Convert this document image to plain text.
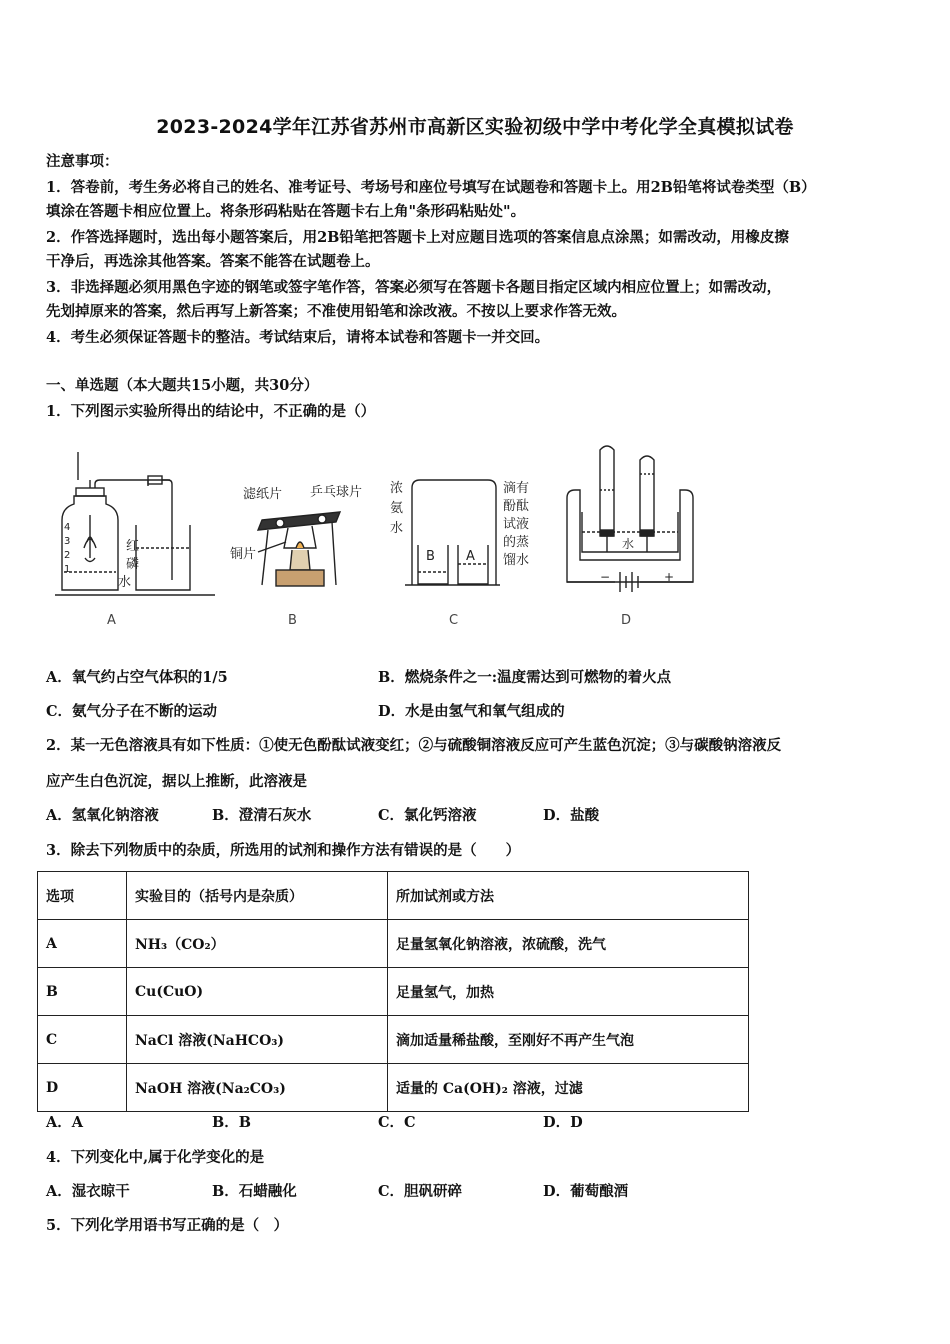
2023-2024学年江苏省苏州市高新区实验初级中学中考化学全真模拟试卷
注意事项：
1．答卷前，考生务必将自己的姓名、准考证号、考场号和座位号填写在试题卷和答题卡上。用2B铅笔将试卷类型（B）
填涂在答题卡相应位置上。将条形码粘贴在答题卡右上角"条形码粘贴处"。
2．作答选择题时，选出每小题答案后，用2B铅笔把答题卡上对应题目选项的答案信息点涂黑；如需改动，用橡皮擦
干净后，再选涂其他答案。答案不能答在试题卷上。
3．非选择题必须用黑色字迹的钢笔或签字笔作答，答案必须写在答题卡各题目指定区域内相应位置上；如需改动，
先划掉原来的答案，然后再写上新答案；不准使用铅笔和涂改液。不按以上要求作答无效。
4．考生必须保证答题卡的整洁。考试结束后，请将本试卷和答题卡一并交回。
一、单选题（本大题共15小题，共30分）
1．下列图示实验所得出的结论中，不正确的是（）
4
3
2
1
红
磷
水
滤纸片 乒乓球片
铜片
浓
氨
水
B A
滴有
酚酞
试液
的蒸
馏水
水
−	+
A	B	C	D
A．氧气约占空气体积的1/5	B．燃烧条件之一:温度需达到可燃物的着火点
C．氨气分子在不断的运动	D．水是由氢气和氧气组成的
2．某一无色溶液具有如下性质：①使无色酚酞试液变红；②与硫酸铜溶液反应可产生蓝色沉淀；③与碳酸钠溶液反
应产生白色沉淀，据以上推断，此溶液是
A．氢氧化钠溶液	B．澄清石灰水	C．氯化钙溶液	D．盐酸
3．除去下列物质中的杂质，所选用的试剂和操作方法有错误的是（　　）
选项	实验目的（括号内是杂质）	所加试剂或方法
A	NH₃（CO₂）	足量氢氧化钠溶液，浓硫酸，洗气
B	Cu(CuO)	足量氢气，加热
C	NaCl 溶液(NaHCO₃)	滴加适量稀盐酸，至刚好不再产生气泡
D	NaOH 溶液(Na₂CO₃)	适量的 Ca(OH)₂ 溶液，过滤
A．A	B．B	C．C	D．D
4．下列变化中,属于化学变化的是
A．湿衣晾干	B．石蜡融化	C．胆矾研碎	D．葡萄酿酒
5．下列化学用语书写正确的是（　）
